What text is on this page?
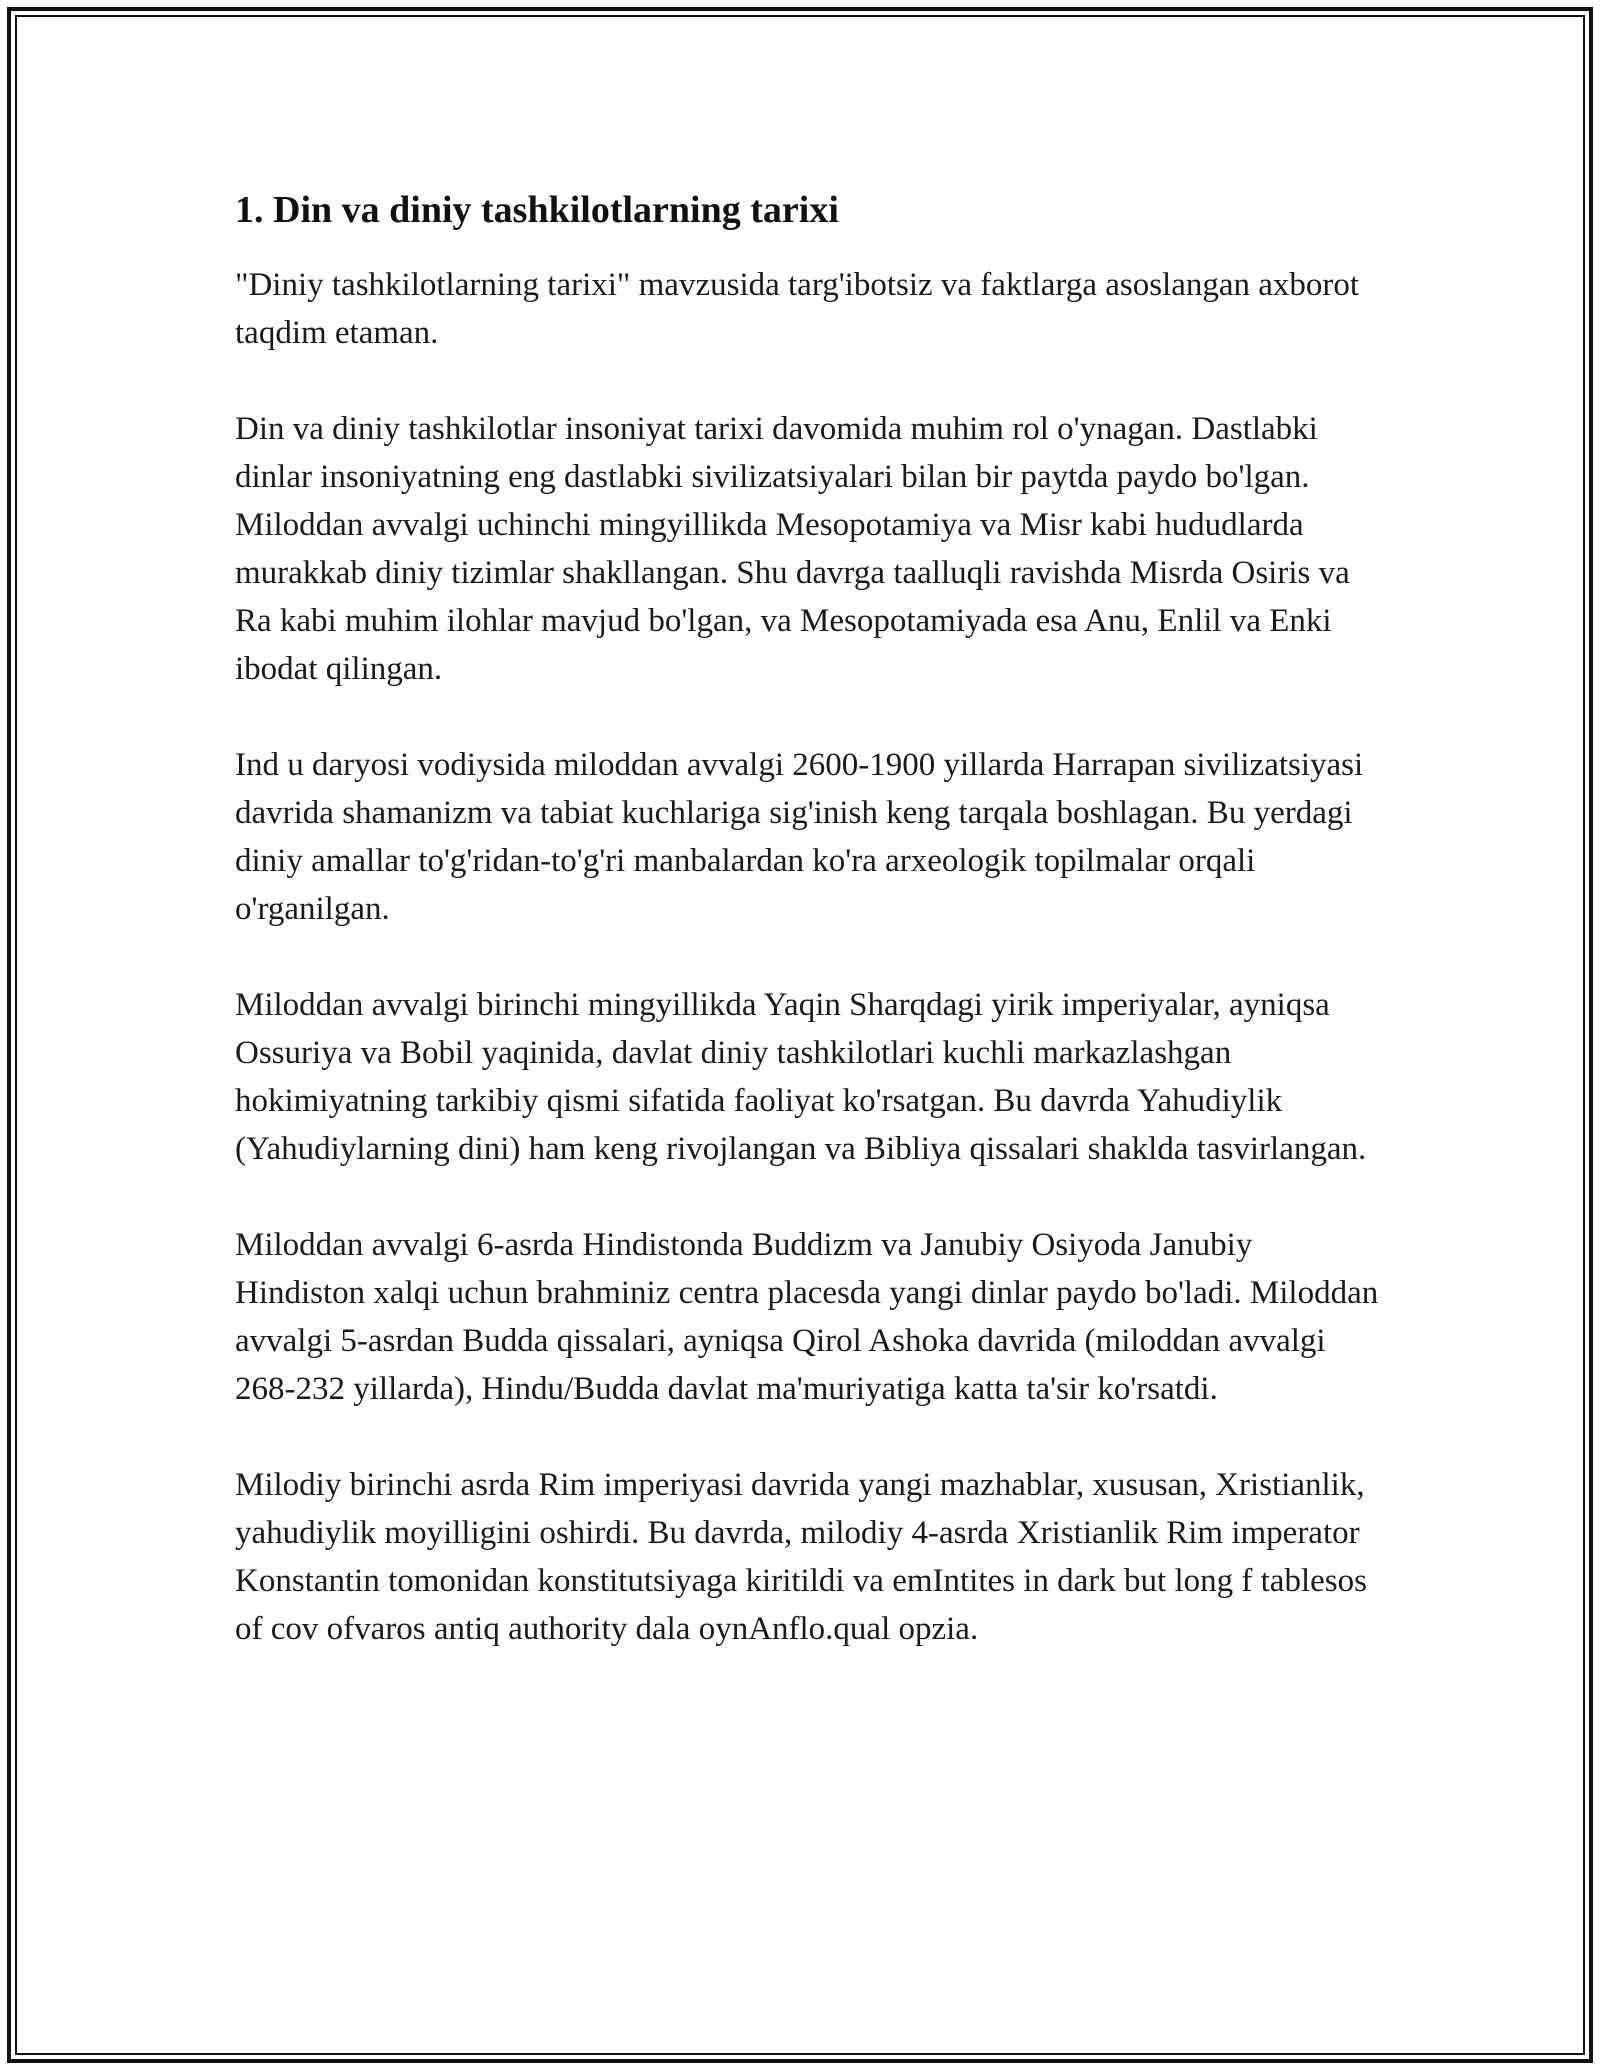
1. Din va diniy tashkilotlarning tarixi

"Diniy tashkilotlarning tarixi" mavzusida targ'ibotsiz va faktlarga asoslangan axborot taqdim etaman.

Din va diniy tashkilotlar insoniyat tarixi davomida muhim rol o'ynagan. Dastlabki dinlar insoniyatning eng dastlabki sivilizatsiyalari bilan bir paytda paydo bo'lgan. Miloddan avvalgi uchinchi mingyillikda Mesopotamiya va Misr kabi hududlarda murakkab diniy tizimlar shakllangan. Shu davrga taalluqli ravishda Misrda Osiris va Ra kabi muhim ilohlar mavjud bo'lgan, va Mesopotamiyada esa Anu, Enlil va Enki ibodat qilingan.

Ind u daryosi vodiysida miloddan avvalgi 2600-1900 yillarda Harrapan sivilizatsiyasi davrida shamanizm va tabiat kuchlariga sig'inish keng tarqala boshlagan. Bu yerdagi diniy amallar to'g'ridan-to'g'ri manbalardan ko'ra arxeologik topilmalar orqali o'rganilgan.

Miloddan avvalgi birinchi mingyillikda Yaqin Sharqdagi yirik imperiyalar, ayniqsa Ossuriya va Bobil yaqinida, davlat diniy tashkilotlari kuchli markazlashgan hokimiyatning tarkibiy qismi sifatida faoliyat ko'rsatgan. Bu davrda Yahudiylik (Yahudiylarning dini) ham keng rivojlangan va Bibliya qissalari shaklda tasvirlangan.

Miloddan avvalgi 6-asrda Hindistonda Buddizm va Janubiy Osiyoda Janubiy Hindiston xalqi uchun brahminiz centra placesda yangi dinlar paydo bo'ladi. Miloddan avvalgi 5-asrdan Budda qissalari, ayniqsa Qirol Ashoka davrida (miloddan avvalgi 268-232 yillarda), Hindu/Budda davlat ma'muriyatiga katta ta'sir ko'rsatdi.

Milodiy birinchi asrda Rim imperiyasi davrida yangi mazhablar, xususan, Xristianlik, yahudiylik moyilligini oshirdi. Bu davrda, milodiy 4-asrda Xristianlik Rim imperator Konstantin tomonidan konstitutsiyaga kiritildi va emIntites in dark but long f tablesos of cov ofvaros antiq authority dala oynAnflo.qual opzia.
